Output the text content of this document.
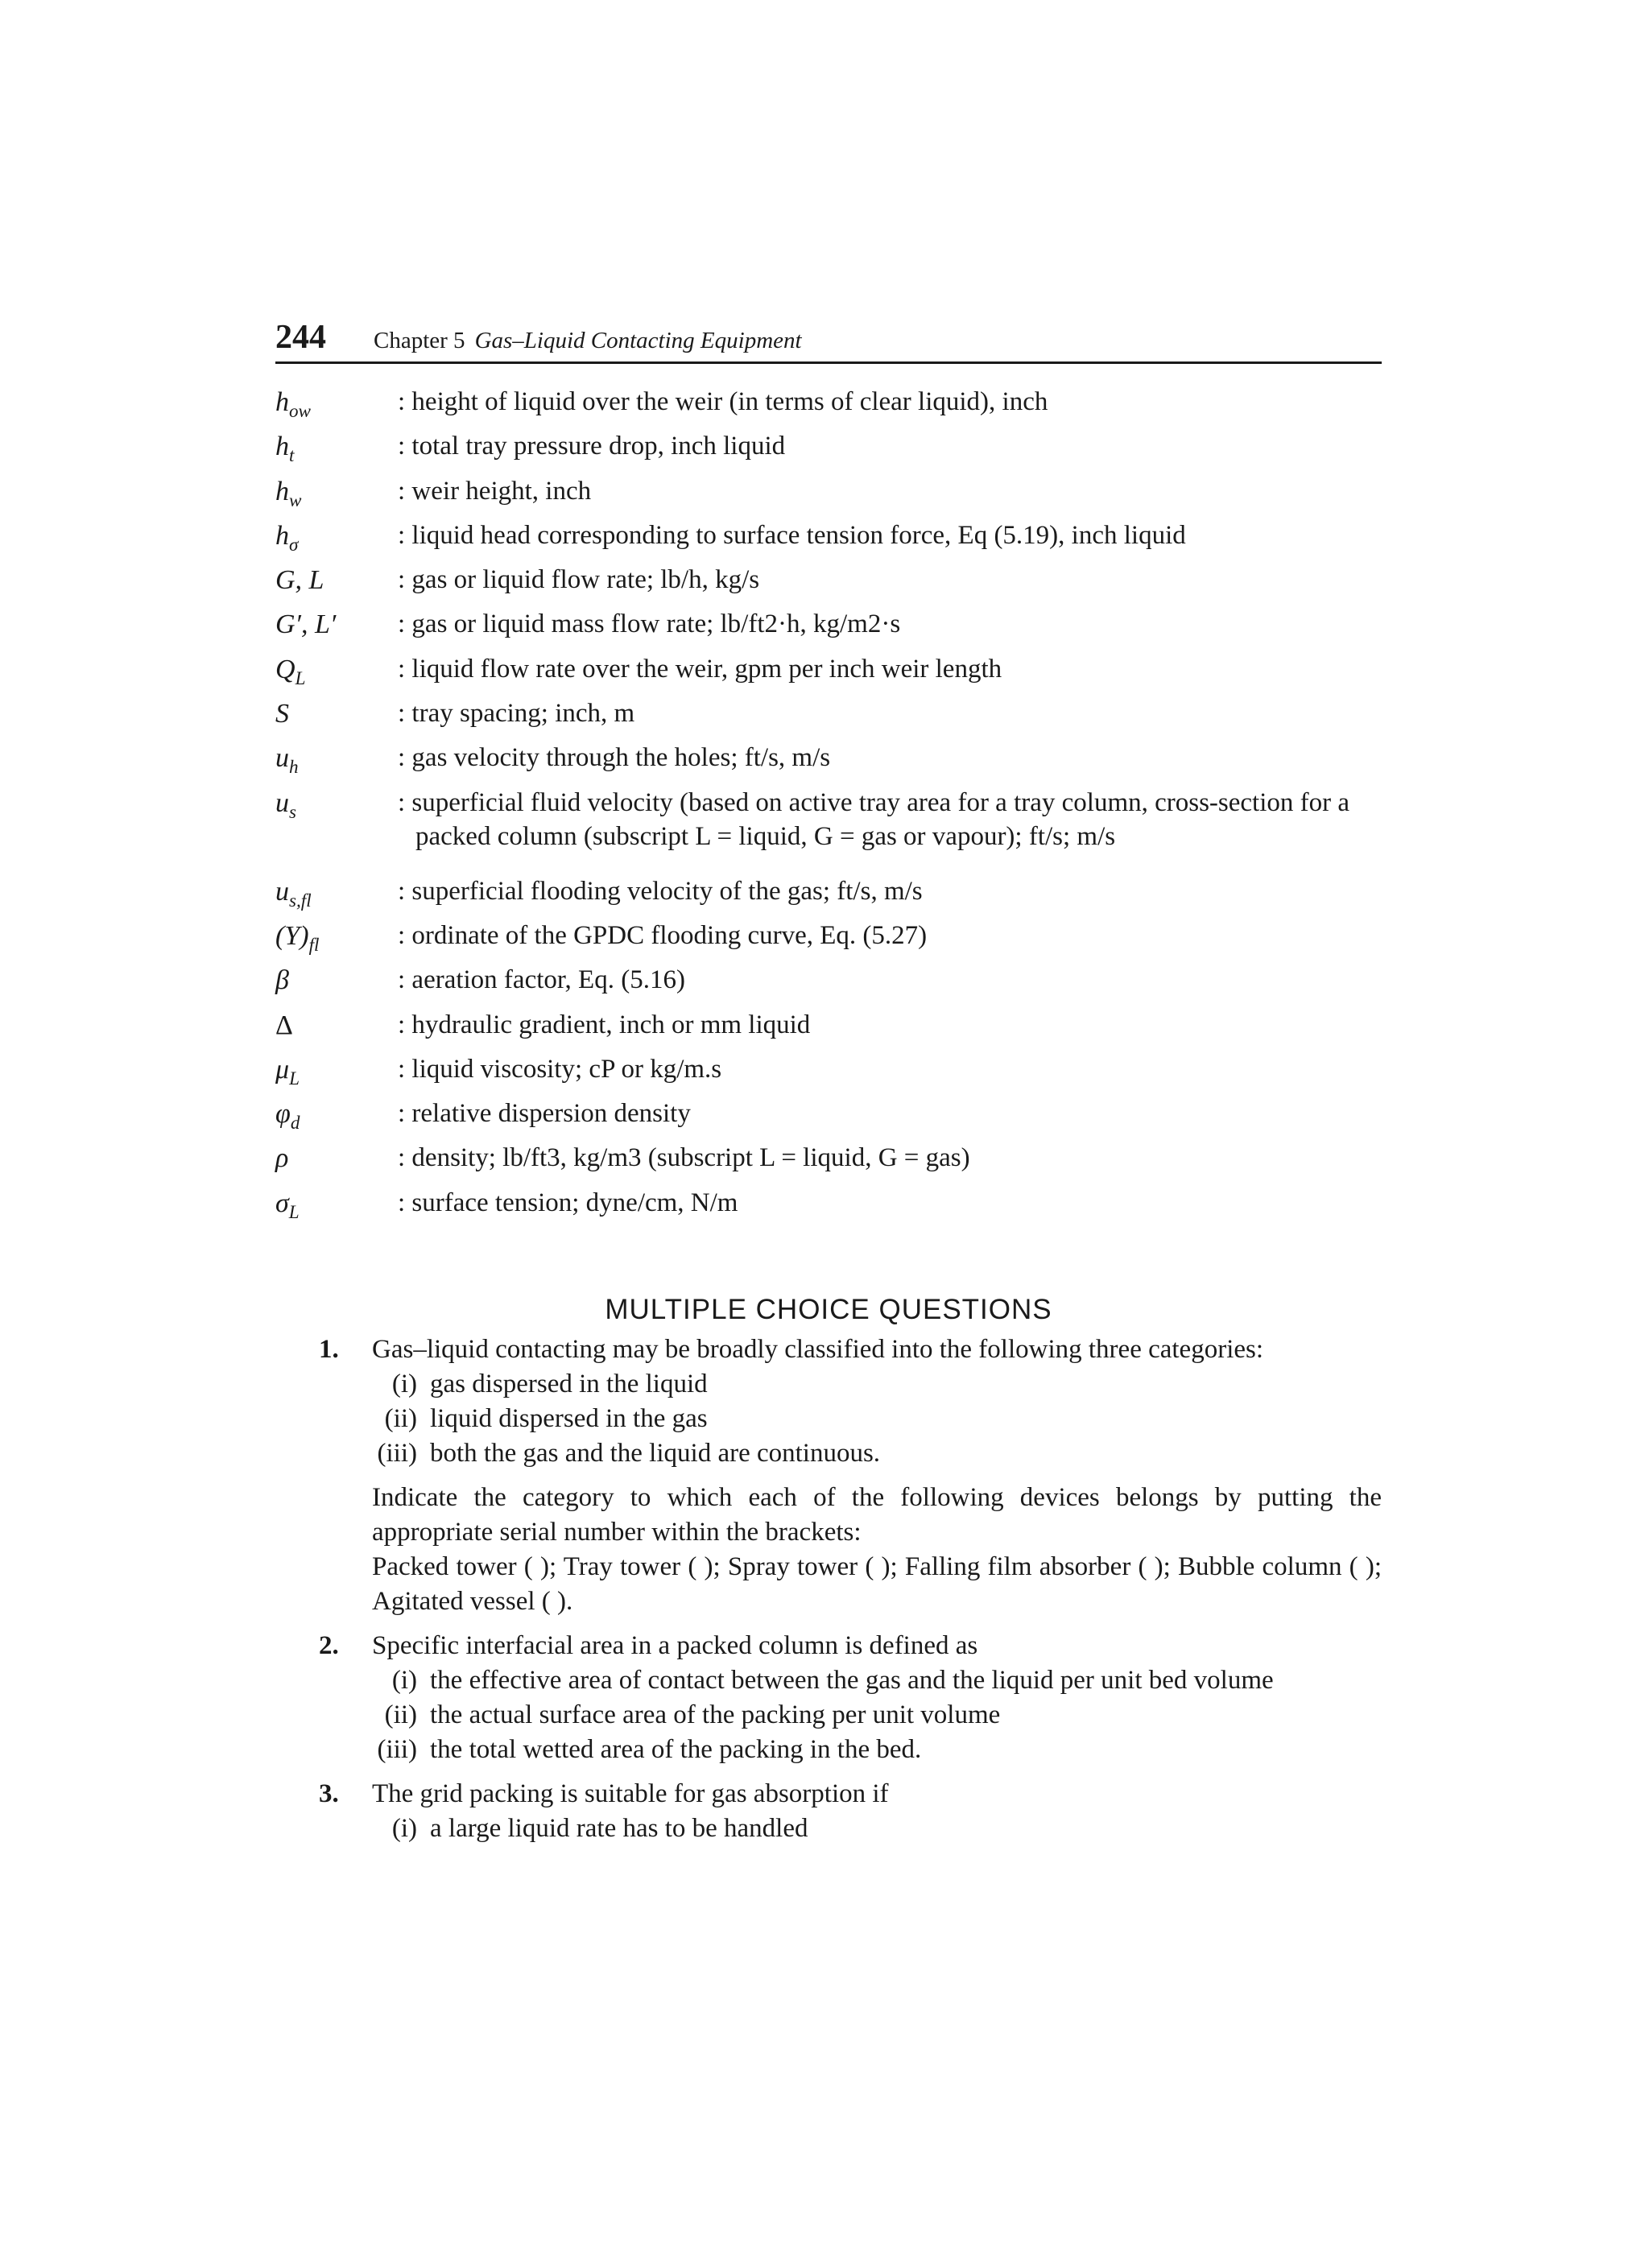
244 Chapter 5 Gas–Liquid Contacting Equipment
$h_{ow}$	: height of liquid over the weir (in terms of clear liquid), inch
$h_t$	: total tray pressure drop, inch liquid
$h_w$	: weir height, inch
$h_\sigma$	: liquid head corresponding to surface tension force, Eq (5.19), inch liquid
G, L	: gas or liquid flow rate; lb/h, kg/s
G′, L′	: gas or liquid mass flow rate; lb/ft2·h, kg/m2·s
$Q_L$	: liquid flow rate over the weir, gpm per inch weir length
S	: tray spacing; inch, m
$u_h$	: gas velocity through the holes; ft/s, m/s
$u_s$	: superficial fluid velocity (based on active tray area for a tray column, cross-section for a packed column (subscript L = liquid, G = gas or vapour); ft/s; m/s
$u_{s,fl}$	: superficial flooding velocity of the gas; ft/s, m/s
$(Y)_{fl}$	: ordinate of the GPDC flooding curve, Eq. (5.27)
β	: aeration factor, Eq. (5.16)
Δ	: hydraulic gradient, inch or mm liquid
$\mu_L$	: liquid viscosity; cP or kg/m.s
$\varphi_d$	: relative dispersion density
ρ	: density; lb/ft3, kg/m3 (subscript L = liquid, G = gas)
$\sigma_L$	: surface tension; dyne/cm, N/m
MULTIPLE CHOICE QUESTIONS
1. Gas–liquid contacting may be broadly classified into the following three categories:
(i) gas dispersed in the liquid
(ii) liquid dispersed in the gas
(iii) both the gas and the liquid are continuous.
Indicate the category to which each of the following devices belongs by putting the appropriate serial number within the brackets:
Packed tower ( ); Tray tower ( ); Spray tower ( ); Falling film absorber ( ); Bubble column ( ); Agitated vessel ( ).
2. Specific interfacial area in a packed column is defined as
(i) the effective area of contact between the gas and the liquid per unit bed volume
(ii) the actual surface area of the packing per unit volume
(iii) the total wetted area of the packing in the bed.
3. The grid packing is suitable for gas absorption if
(i) a large liquid rate has to be handled
